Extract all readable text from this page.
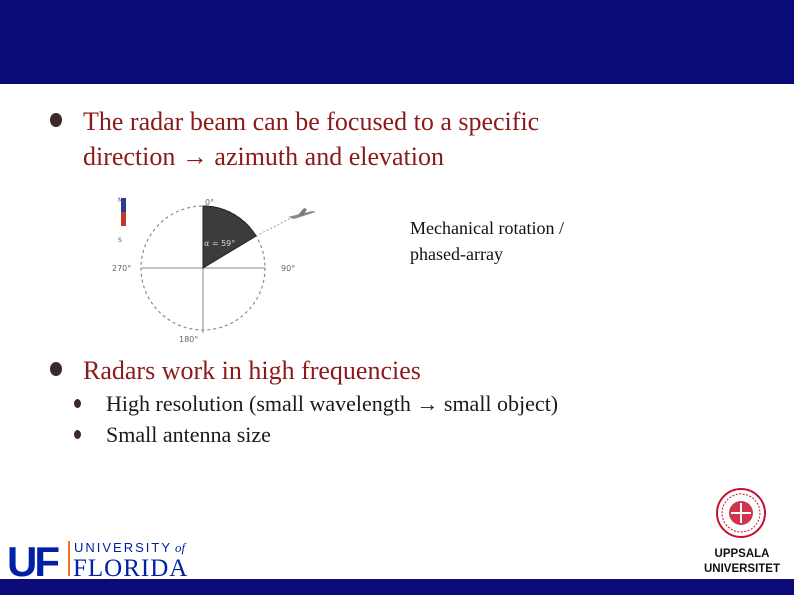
The radar beam can be focused to a specific
direction → azimuth and elevation
N
S
0°
90°
180°
270°
α = 59°
Mechanical rotation /
phased-array
Radars work in high frequencies
High resolution (small wavelength → small object)
Small antenna size
UF UNIVERSITY of
FLORIDA
UPPSALA
UNIVERSITET
